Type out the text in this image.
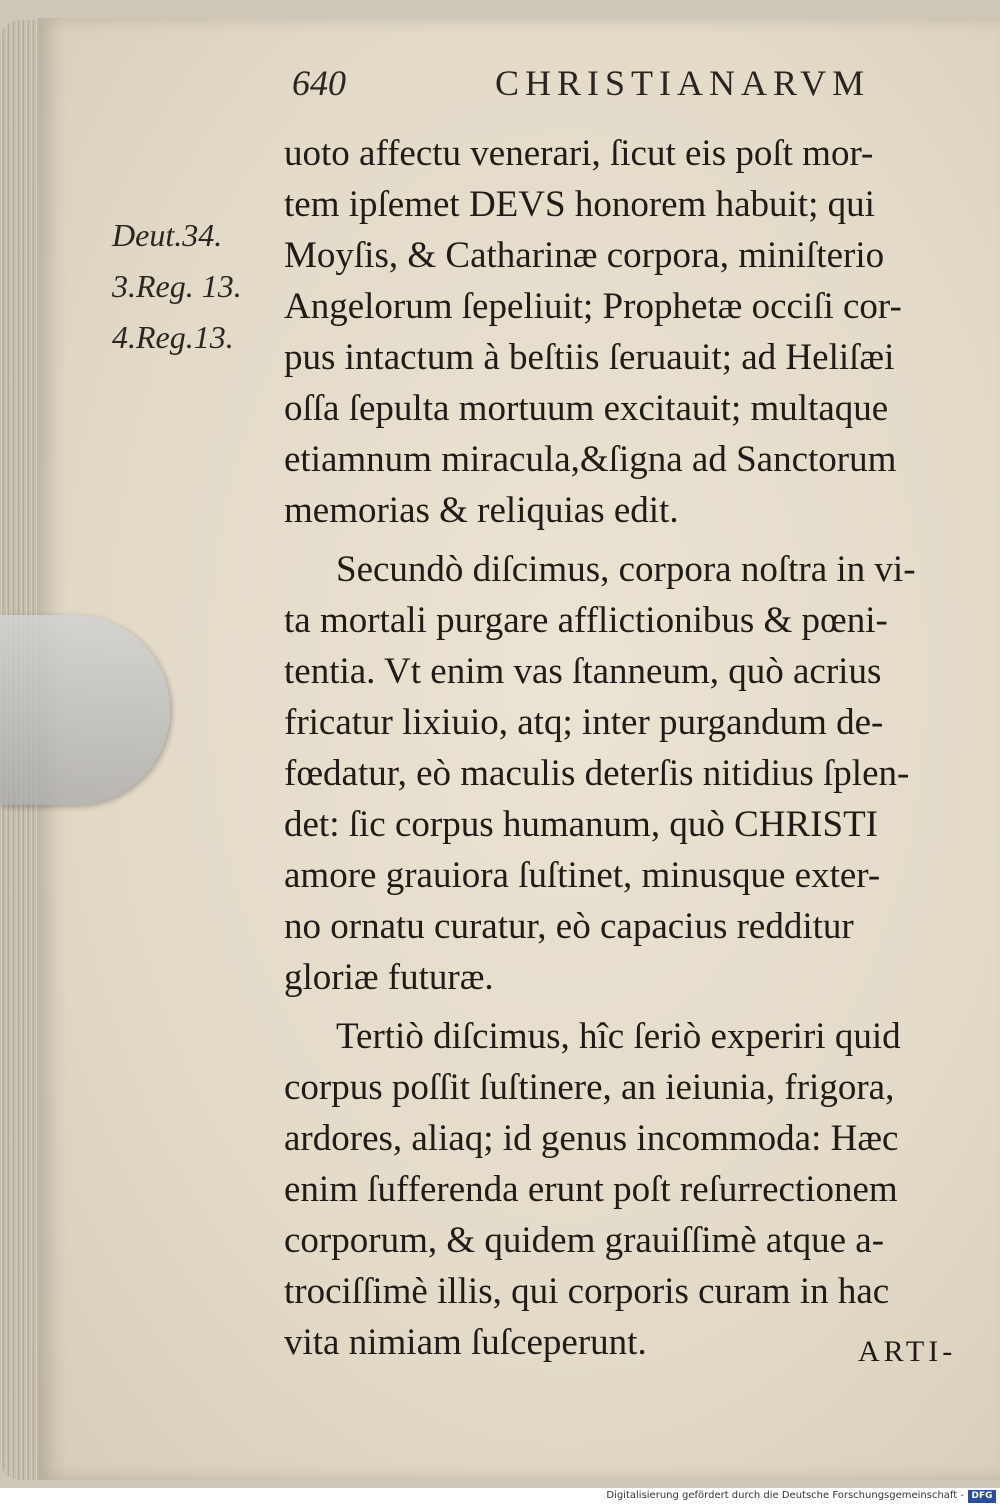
640	CHRISTIANARVM
Deut.34.
3.Reg. 13.
4.Reg.13.
uoto affectu venerari, ſicut eis poſt mor-
tem ipſemet DEVS honorem habuit; qui
Moyſis, & Catharinæ corpora, miniſterio
Angelorum ſepeliuit; Prophetæ occiſi cor-
pus intactum à beſtiis ſeruauit; ad Heliſæi
oſſa ſepulta mortuum excitauit; multaque
etiamnum miracula,&ſigna ad Sanctorum
memorias & reliquias edit.
Secundò diſcimus, corpora noſtra in vi-
ta mortali purgare afflictionibus & pœni-
tentia. Vt enim vas ſtanneum, quò acrius
fricatur lixiuio, atq; inter purgandum de-
fœdatur, eò maculis deterſis nitidius ſplen-
det: ſic corpus humanum, quò CHRISTI
amore grauiora ſuſtinet, minusque exter-
no ornatu curatur, eò capacius redditur
gloriæ futuræ.
Tertiò diſcimus, hîc ſeriò experiri quid
corpus poſſit ſuſtinere, an ieiunia, frigora,
ardores, aliaq; id genus incommoda: Hæc
enim ſufferenda erunt poſt reſurrectionem
corporum, & quidem grauiſſimè atque a-
trociſſimè illis, qui corporis curam in hac
vita nimiam ſuſceperunt.	ARTI-
Digitalisierung gefördert durch die Deutsche Forschungsgemeinschaft - DFG
